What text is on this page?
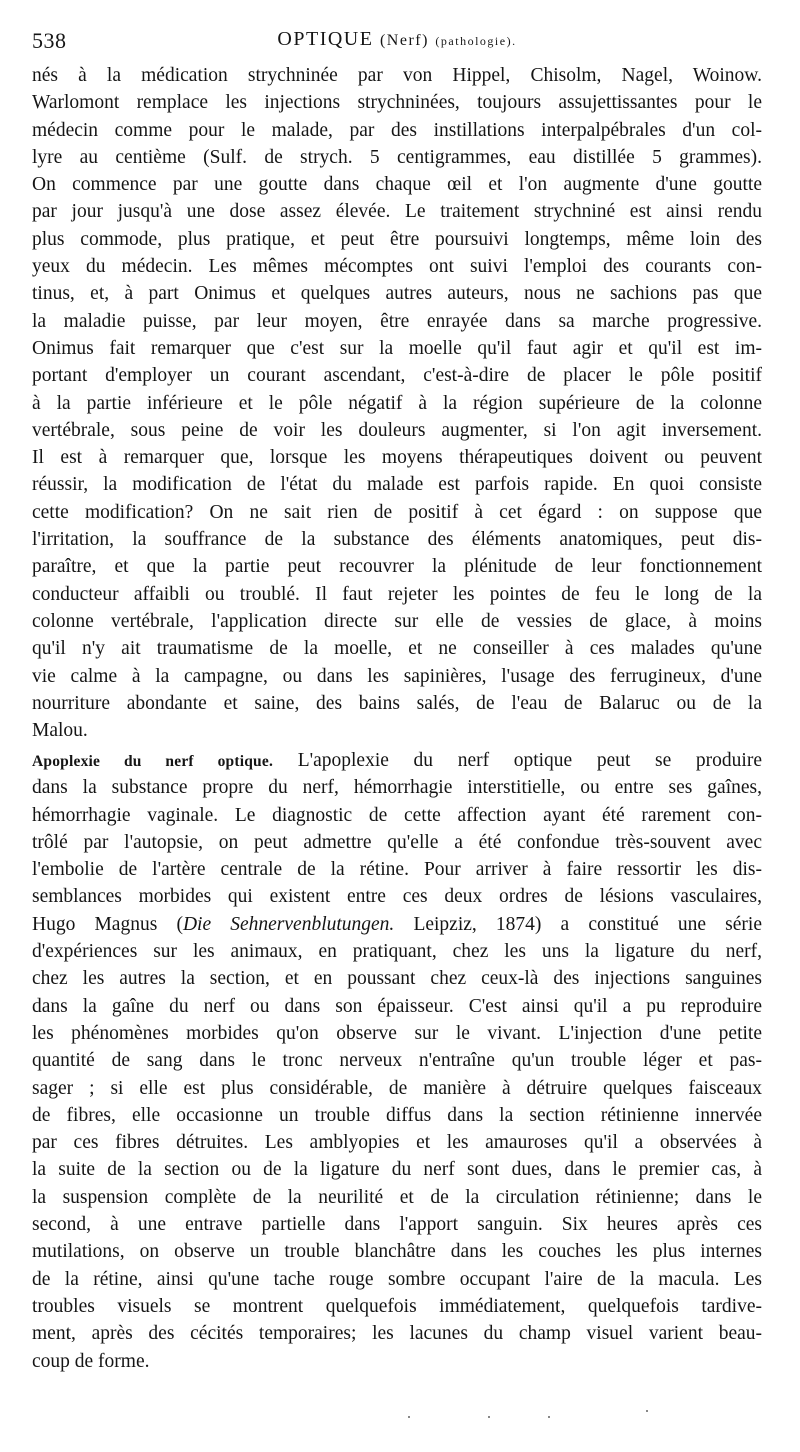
538	OPTIQUE (Nerf) (pathologie).
nés à la médication strychninée par von Hippel, Chisolm, Nagel, Woinow.
Warlomont remplace les injections strychninées, toujours assujettissantes pour le
médecin comme pour le malade, par des instillations interpalpébrales d'un col-
lyre au centième (Sulf. de strych. 5 centigrammes, eau distillée 5 grammes).
On commence par une goutte dans chaque œil et l'on augmente d'une goutte
par jour jusqu'à une dose assez élevée. Le traitement strychniné est ainsi rendu
plus commode, plus pratique, et peut être poursuivi longtemps, même loin des
yeux du médecin. Les mêmes mécomptes ont suivi l'emploi des courants con-
tinus, et, à part Onimus et quelques autres auteurs, nous ne sachions pas que
la maladie puisse, par leur moyen, être enrayée dans sa marche progressive.
Onimus fait remarquer que c'est sur la moelle qu'il faut agir et qu'il est im-
portant d'employer un courant ascendant, c'est-à-dire de placer le pôle positif
à la partie inférieure et le pôle négatif à la région supérieure de la colonne
vertébrale, sous peine de voir les douleurs augmenter, si l'on agit inversement.
Il est à remarquer que, lorsque les moyens thérapeutiques doivent ou peuvent
réussir, la modification de l'état du malade est parfois rapide. En quoi consiste
cette modification? On ne sait rien de positif à cet égard : on suppose que
l'irritation, la souffrance de la substance des éléments anatomiques, peut dis-
paraître, et que la partie peut recouvrer la plénitude de leur fonctionnement
conducteur affaibli ou troublé. Il faut rejeter les pointes de feu le long de la
colonne vertébrale, l'application directe sur elle de vessies de glace, à moins
qu'il n'y ait traumatisme de la moelle, et ne conseiller à ces malades qu'une
vie calme à la campagne, ou dans les sapinières, l'usage des ferrugineux, d'une
nourriture abondante et saine, des bains salés, de l'eau de Balaruc ou de la
Malou.
Apoplexie du nerf optique. L'apoplexie du nerf optique peut se produire
dans la substance propre du nerf, hémorrhagie interstitielle, ou entre ses gaînes,
hémorrhagie vaginale. Le diagnostic de cette affection ayant été rarement con-
trôlé par l'autopsie, on peut admettre qu'elle a été confondue très-souvent avec
l'embolie de l'artère centrale de la rétine. Pour arriver à faire ressortir les dis-
semblances morbides qui existent entre ces deux ordres de lésions vasculaires,
Hugo Magnus (Die Sehnervenblutungen. Leipziz, 1874) a constitué une série
d'expériences sur les animaux, en pratiquant, chez les uns la ligature du nerf,
chez les autres la section, et en poussant chez ceux-là des injections sanguines
dans la gaîne du nerf ou dans son épaisseur. C'est ainsi qu'il a pu reproduire
les phénomènes morbides qu'on observe sur le vivant. L'injection d'une petite
quantité de sang dans le tronc nerveux n'entraîne qu'un trouble léger et pas-
sager ; si elle est plus considérable, de manière à détruire quelques faisceaux
de fibres, elle occasionne un trouble diffus dans la section rétinienne innervée
par ces fibres détruites. Les amblyopies et les amauroses qu'il a observées à
la suite de la section ou de la ligature du nerf sont dues, dans le premier cas, à
la suspension complète de la neurilité et de la circulation rétinienne; dans le
second, à une entrave partielle dans l'apport sanguin. Six heures après ces
mutilations, on observe un trouble blanchâtre dans les couches les plus internes
de la rétine, ainsi qu'une tache rouge sombre occupant l'aire de la macula. Les
troubles visuels se montrent quelquefois immédiatement, quelquefois tardive-
ment, après des cécités temporaires; les lacunes du champ visuel varient beau-
coup de forme.
